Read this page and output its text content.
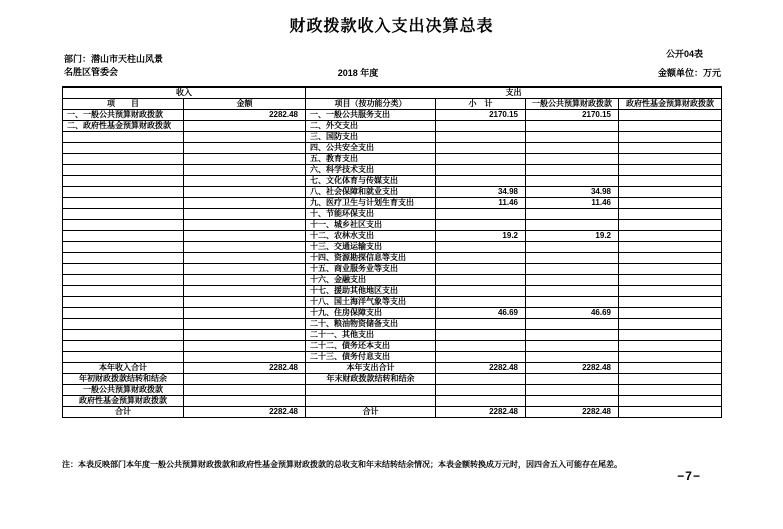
财政拨款收入支出决算总表
公开04表
部门：潜山市天柱山风景
名胜区管委会	2018 年度	金额单位：万元
收入		支出			
项　　目	金额	项目（按功能分类）	小　计	一般公共预算财政拨款	政府性基金预算财政拨款
一、一般公共预算财政拨款	2282.48	一、一般公共服务支出	2170.15	2170.15	
二、政府性基金预算财政拨款		二、外交支出			
		三、国防支出			
		四、公共安全支出			
		五、教育支出			
		六、科学技术支出			
		七、文化体育与传媒支出			
		八、社会保障和就业支出	34.98	34.98	
		九、医疗卫生与计划生育支出	11.46	11.46	
		十、节能环保支出			
		十一、城乡社区支出			
		十二、农林水支出	19.2	19.2	
		十三、交通运输支出			
		十四、资源勘探信息等支出			
		十五、商业服务业等支出			
		十六、金融支出			
		十七、援助其他地区支出			
		十八、国土海洋气象等支出			
		十九、住房保障支出	46.69	46.69	
		二十、粮油物资储备支出			
		二十一、其他支出			
		二十二、债务还本支出			
		二十三、债务付息支出			
本年收入合计	2282.48	本年支出合计	2282.48	2282.48	
年初财政拨款结转和结余		年末财政拨款结转和结余			
一般公共预算财政拨款					
政府性基金预算财政拨款					
合计	2282.48	合计	2282.48	2282.48	
注：本表反映部门本年度一般公共预算财政拨款和政府性基金预算财政拨款的总收支和年末结转结余情况；本表金额转换成万元时，因四舍五入可能存在尾差。
−7−
